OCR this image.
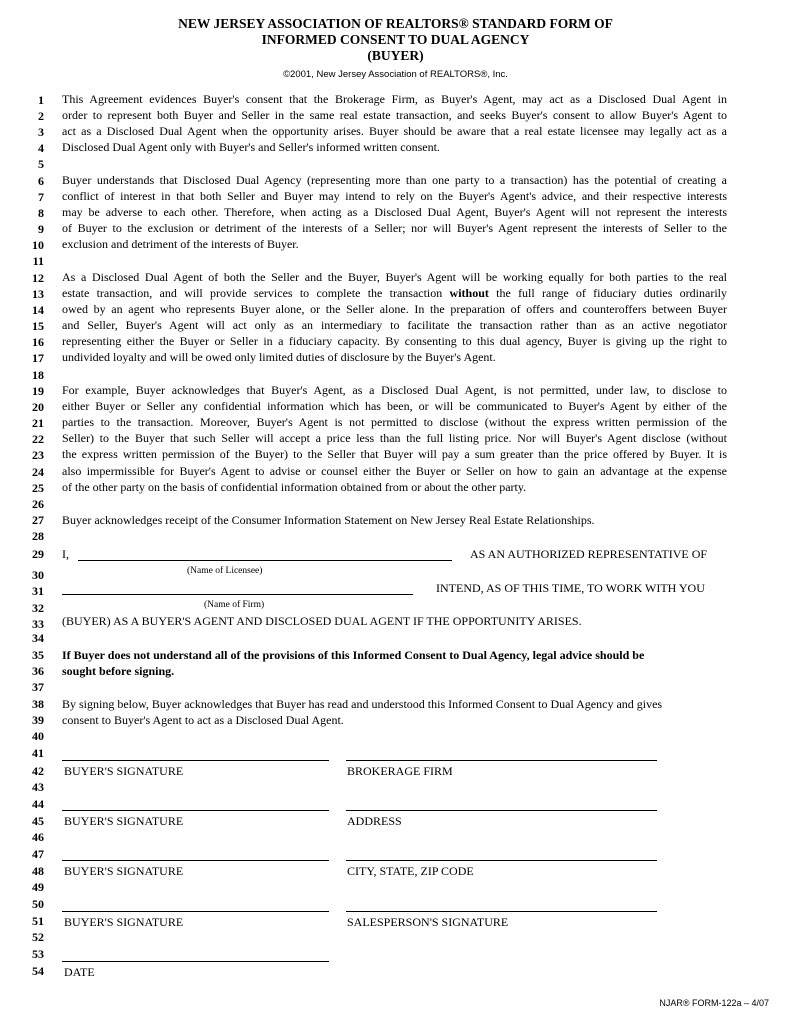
NEW JERSEY ASSOCIATION OF REALTORS® STANDARD FORM OF
INFORMED CONSENT TO DUAL AGENCY
(BUYER)
©2001, New Jersey Association of REALTORS®, Inc.
1
2
3
4
5
6
7
8
9
10
11
12
13
14
15
16
17
18
19
20
21
22
23
24
25
26
27
28
29
30
31
32
33
34
35
36
37
38
39
40
41
42
43
44
45
46
47
48
49
50
51
52
53
54
This Agreement evidences Buyer's consent that the Brokerage Firm, as Buyer's Agent, may act as a Disclosed Dual Agent in
order to represent both Buyer and Seller in the same real estate transaction, and seeks Buyer's consent to allow Buyer's Agent to
act as a Disclosed Dual Agent when the opportunity arises. Buyer should be aware that a real estate licensee may legally act as a
Disclosed Dual Agent only with Buyer's and Seller's informed written consent.
Buyer understands that Disclosed Dual Agency (representing more than one party to a transaction) has the potential of creating a
conflict of interest in that both Seller and Buyer may intend to rely on the Buyer's Agent's advice, and their respective interests
may be adverse to each other. Therefore, when acting as a Disclosed Dual Agent, Buyer's Agent will not represent the interests
of Buyer to the exclusion or detriment of the interests of a Seller; nor will Buyer's Agent represent the interests of Seller to the
exclusion and detriment of the interests of Buyer.
As a Disclosed Dual Agent of both the Seller and the Buyer, Buyer's Agent will be working equally for both parties to the real
estate transaction, and will provide services to complete the transaction without the full range of fiduciary duties ordinarily
owed by an agent who represents Buyer alone, or the Seller alone. In the preparation of offers and counteroffers between Buyer
and Seller, Buyer's Agent will act only as an intermediary to facilitate the transaction rather than as an active negotiator
representing either the Buyer or Seller in a fiduciary capacity. By consenting to this dual agency, Buyer is giving up the right to
undivided loyalty and will be owed only limited duties of disclosure by the Buyer's Agent.
For example, Buyer acknowledges that Buyer's Agent, as a Disclosed Dual Agent, is not permitted, under law, to disclose to
either Buyer or Seller any confidential information which has been, or will be communicated to Buyer's Agent by either of the
parties to the transaction. Moreover, Buyer's Agent is not permitted to disclose (without the express written permission of the
Seller) to the Buyer that such Seller will accept a price less than the full listing price. Nor will Buyer's Agent disclose (without
the express written permission of the Buyer) to the Seller that Buyer will pay a sum greater than the price offered by Buyer. It is
also impermissible for Buyer's Agent to advise or counsel either the Buyer or Seller on how to gain an advantage at the expense
of the other party on the basis of confidential information obtained from or about the other party.
Buyer acknowledges receipt of the Consumer Information Statement on New Jersey Real Estate Relationships.
I,	AS AN AUTHORIZED REPRESENTATIVE OF
(Name of Licensee)
INTEND, AS OF THIS TIME, TO WORK WITH YOU
(Name of Firm)
(BUYER) AS A BUYER'S AGENT AND DISCLOSED DUAL AGENT IF THE OPPORTUNITY ARISES.
If Buyer does not understand all of the provisions of this Informed Consent to Dual Agency, legal advice should be
sought before signing.
By signing below, Buyer acknowledges that Buyer has read and understood this Informed Consent to Dual Agency and gives
consent to Buyer's Agent to act as a Disclosed Dual Agent.
BUYER'S SIGNATURE	BROKERAGE FIRM
BUYER'S SIGNATURE	ADDRESS
BUYER'S SIGNATURE	CITY, STATE, ZIP CODE
BUYER'S SIGNATURE	SALESPERSON'S SIGNATURE
DATE
NJAR® FORM-122a – 4/07
